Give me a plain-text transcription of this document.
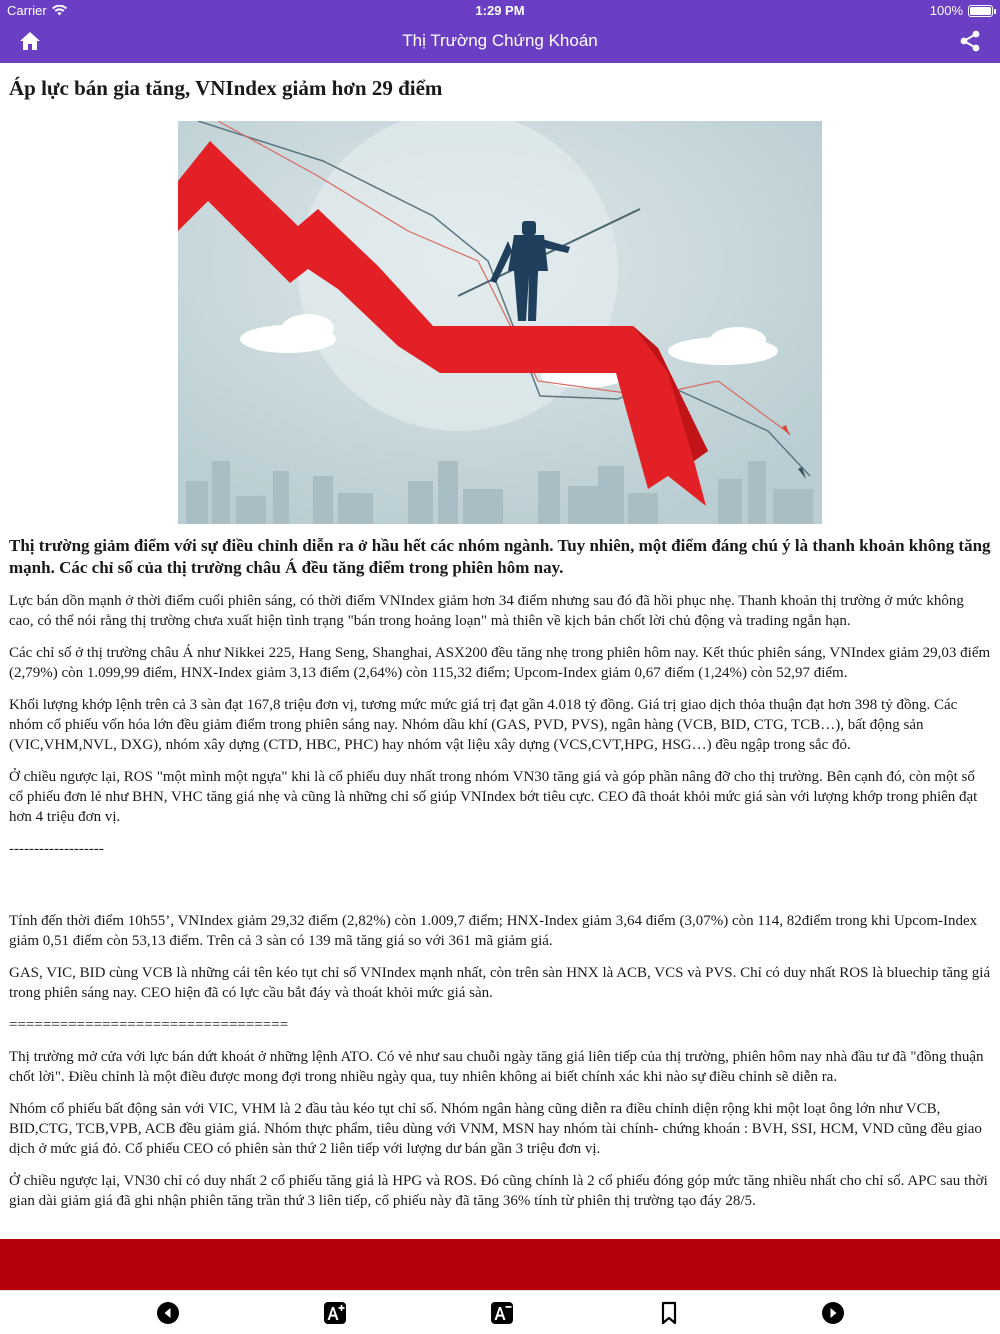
Carrier	1:29 PM	100%
Thị Trường Chứng Khoán
Áp lực bán gia tăng, VNIndex giảm hơn 29 điểm

Thị trường giảm điểm với sự điều chỉnh diễn ra ở hầu hết các nhóm ngành. Tuy nhiên, một điểm đáng chú ý là thanh khoản không tăng mạnh. Các chỉ số của thị trường châu Á đều tăng điểm trong phiên hôm nay.

Lực bán dồn mạnh ở thời điểm cuối phiên sáng, có thời điểm VNIndex giảm hơn 34 điểm nhưng sau đó đã hồi phục nhẹ. Thanh khoản thị trường ở mức không cao, có thể nói rằng thị trường chưa xuất hiện tình trạng "bán trong hoảng loạn" mà thiên về kịch bản chốt lời chủ động và trading ngắn hạn.

Các chỉ số ở thị trường châu Á như Nikkei 225, Hang Seng, Shanghai, ASX200 đều tăng nhẹ trong phiên hôm nay. Kết thúc phiên sáng, VNIndex giảm 29,03 điểm (2,79%) còn 1.099,99 điểm, HNX-Index giảm 3,13 điểm (2,64%) còn 115,32 điểm; Upcom-Index giảm 0,67 điểm (1,24%) còn 52,97 điểm.

Khối lượng khớp lệnh trên cả 3 sàn đạt 167,8 triệu đơn vị, tương mức mức giá trị đạt gần 4.018 tỷ đồng. Giá trị giao dịch thỏa thuận đạt hơn 398 tỷ đồng. Các nhóm cổ phiếu vốn hóa lớn đều giảm điểm trong phiên sáng nay. Nhóm dầu khí (GAS, PVD, PVS), ngân hàng (VCB, BID, CTG, TCB…), bất động sản (VIC,VHM,NVL, DXG), nhóm xây dựng (CTD, HBC, PHC) hay nhóm vật liệu xây dựng (VCS,CVT,HPG, HSG…) đều ngập trong sắc đỏ.

Ở chiều ngược lại, ROS "một mình một ngựa" khi là cổ phiếu duy nhất trong nhóm VN30 tăng giá và góp phần nâng đỡ cho thị trường. Bên cạnh đó, còn một số cổ phiếu đơn lẻ như BHN, VHC tăng giá nhẹ và cũng là những chỉ số giúp VNIndex bớt tiêu cực. CEO đã thoát khỏi mức giá sàn với lượng khớp trong phiên đạt hơn 4 triệu đơn vị.

-------------------

Tính đến thời điểm 10h55’, VNIndex giảm 29,32 điểm (2,82%) còn 1.009,7 điểm; HNX-Index giảm 3,64 điểm (3,07%) còn 114, 82điểm trong khi Upcom-Index giảm 0,51 điểm còn 53,13 điểm. Trên cả 3 sàn có 139 mã tăng giá so với 361 mã giảm giá.

GAS, VIC, BID cùng VCB là những cái tên kéo tụt chỉ số VNIndex mạnh nhất, còn trên sàn HNX là ACB, VCS và PVS. Chỉ có duy nhất ROS là bluechip tăng giá trong phiên sáng nay. CEO hiện đã có lực cầu bắt đáy và thoát khỏi mức giá sàn.

=================================

Thị trường mở cửa với lực bán dứt khoát ở những lệnh ATO. Có vẻ như sau chuỗi ngày tăng giá liên tiếp của thị trường, phiên hôm nay nhà đầu tư đã "đồng thuận chốt lời". Điều chỉnh là một điều được mong đợi trong nhiều ngày qua, tuy nhiên không ai biết chính xác khi nào sự điều chỉnh sẽ diễn ra.

Nhóm cổ phiếu bất động sản với VIC, VHM là 2 đầu tàu kéo tụt chỉ số. Nhóm ngân hàng cũng diễn ra điều chỉnh diện rộng khi một loạt ông lớn như VCB, BID,CTG, TCB,VPB, ACB đều giảm giá. Nhóm thực phẩm, tiêu dùng với VNM, MSN hay nhóm tài chính- chứng khoán : BVH, SSI, HCM, VND cũng đều giao dịch ở mức giá đỏ. Cổ phiếu CEO có phiên sàn thứ 2 liên tiếp với lượng dư bán gần 3 triệu đơn vị.

Ở chiều ngược lại, VN30 chỉ có duy nhất 2 cổ phiếu tăng giá là HPG và ROS. Đó cũng chính là 2 cổ phiếu đóng góp mức tăng nhiều nhất cho chỉ số. APC sau thời gian dài giảm giá đã ghi nhận phiên tăng trần thứ 3 liên tiếp, cổ phiếu này đã tăng 36% tính từ phiên thị trường tạo đáy 28/5.
